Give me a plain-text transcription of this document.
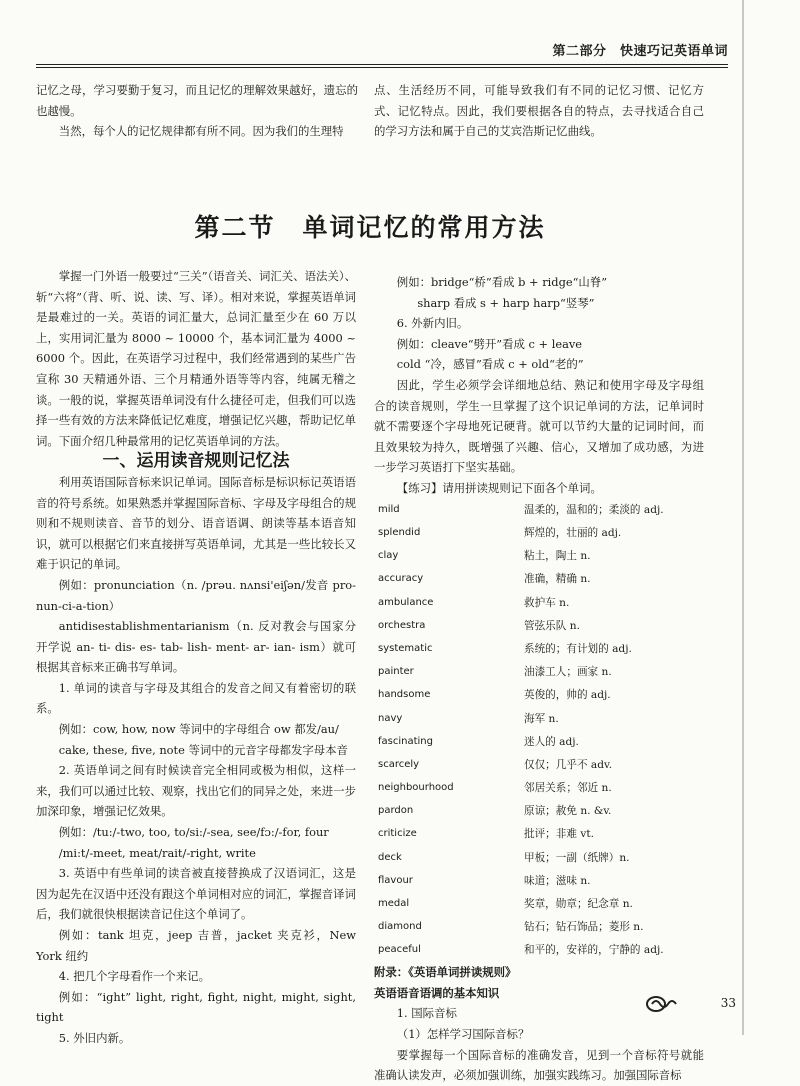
第二部分　快速巧记英语单词

记忆之母，学习要勤于复习，而且记忆的理解效果越好，遗忘的也越慢。

当然，每个人的记忆规律都有所不同。因为我们的生理特

点、生活经历不同，可能导致我们有不同的记忆习惯、记忆方式、记忆特点。因此，我们要根据各自的特点，去寻找适合自己的学习方法和属于自己的艾宾浩斯记忆曲线。

第二节　单词记忆的常用方法

掌握一门外语一般要过“三关”（语音关、词汇关、语法关）、斩“六将”（背、听、说、读、写、译）。相对来说，掌握英语单词是最难过的一关。英语的词汇量大，总词汇量至少在 60 万以上，实用词汇量为 8000 ~ 10000 个，基本词汇量为 4000 ~ 6000 个。因此，在英语学习过程中，我们经常遇到的某些广告宣称 30 天精通外语、三个月精通外语等等内容，纯属无稽之谈。一般的说，掌握英语单词没有什么捷径可走，但我们可以选择一些有效的方法来降低记忆难度，增强记忆兴趣，帮助记忆单词。下面介绍几种最常用的记忆英语单词的方法。

一、运用读音规则记忆法

利用英语国际音标来识记单词。国际音标是标识标记英语语音的符号系统。如果熟悉并掌握国际音标、字母及字母组合的规则和不规则读音、音节的划分、语音语调、朗读等基本语音知识，就可以根据它们来直接拼写英语单词，尤其是一些比较长又难于识记的单词。

例如：pronunciation（n. /prəu. nʌnsi'eiʃən/发音 pro-nun-ci-a-tion）

antidisestablishmentarianism（n. 反对教会与国家分开学说 an- ti- dis- es- tab- lish- ment- ar- ian- ism）就可根据其音标来正确书写单词。

1. 单词的读音与字母及其组合的发音之间又有着密切的联系。

例如：cow, how, now 等词中的字母组合 ow 都发/au/

cake, these, five, note 等词中的元音字母都发字母本音

2. 英语单词之间有时候读音完全相同或极为相似，这样一来，我们可以通过比较、观察，找出它们的同异之处，来进一步加深印象，增强记忆效果。

例如：/tu:/-two, too, to/si:/-sea, see/fɔ:/-for, four

/mi:t/-meet, meat/rait/-right, write

3. 英语中有些单词的读音被直接替换成了汉语词汇，这是因为起先在汉语中还没有跟这个单词相对应的词汇，掌握音译词后，我们就很快根据读音记住这个单词了。

例如：tank 坦克，jeep 吉普，jacket 夹克衫，New York 纽约

4. 把几个字母看作一个来记。

例如：“ight” light, right, fight, night, might, sight, tight

5. 外旧内新。

例如：bridge“桥”看成 b + ridge“山脊”

sharp 看成 s + harp harp“竖琴”

6. 外新内旧。

例如：cleave“劈开”看成 c + leave

cold “冷，感冒”看成 c + old“老的”

因此，学生必须学会详细地总结、熟记和使用字母及字母组合的读音规则，学生一旦掌握了这个识记单词的方法，记单词时就不需要逐个字母地死记硬背。就可以节约大量的记词时间，而且效果较为持久，既增强了兴趣、信心，又增加了成功感，为进一步学习英语打下坚实基础。

【练习】请用拼读规则记下面各个单词。

mild	温柔的，温和的；柔淡的 adj.
splendid	辉煌的，壮丽的 adj.
clay	粘土，陶土 n.
accuracy	准确，精确 n.
ambulance	救护车 n.
orchestra	管弦乐队 n.
systematic	系统的；有计划的 adj.
painter	油漆工人；画家 n.
handsome	英俊的，帅的 adj.
navy	海军 n.
fascinating	迷人的 adj.
scarcely	仅仅；几乎不 adv.
neighbourhood	邻居关系；邻近 n.
pardon	原谅；赦免 n. &v.
criticize	批评；非难 vt.
deck	甲板；一副（纸牌）n.
flavour	味道；滋味 n.
medal	奖章，勋章；纪念章 n.
diamond	钻石；钻石饰品；菱形 n.
peaceful	和平的，安祥的，宁静的 adj.

附录：《英语单词拼读规则》

英语语音语调的基本知识

1. 国际音标

（1）怎样学习国际音标？

要掌握每一个国际音标的准确发音，见到一个音标符号就能准确认读发声，必须加强训练，加强实践练习。加强国际音标

33
